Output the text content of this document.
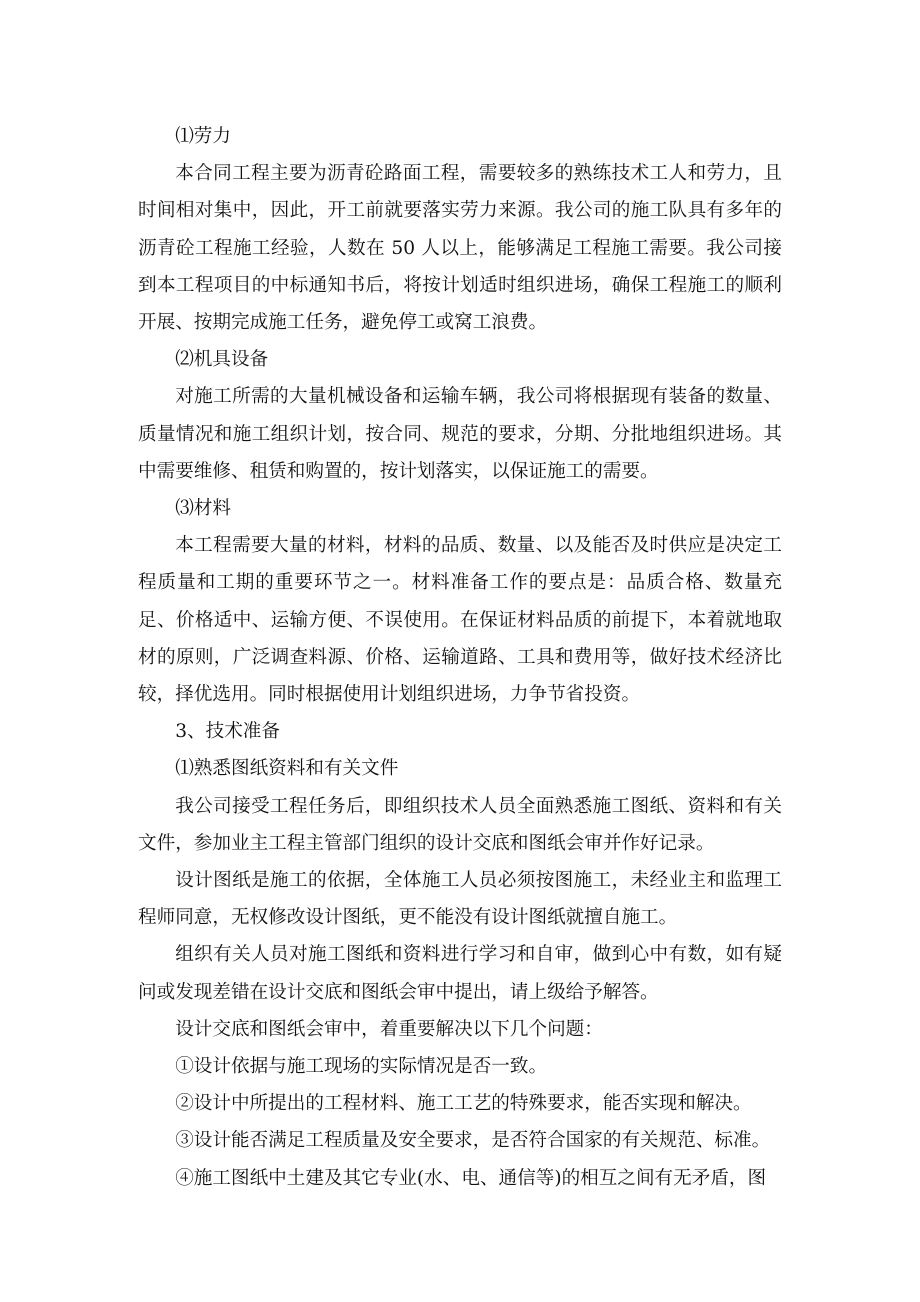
⑴劳力

本合同工程主要为沥青砼路面工程，需要较多的熟练技术工人和劳力，且时间相对集中，因此，开工前就要落实劳力来源。我公司的施工队具有多年的沥青砼工程施工经验，人数在 50 人以上，能够满足工程施工需要。我公司接到本工程项目的中标通知书后，将按计划适时组织进场，确保工程施工的顺利开展、按期完成施工任务，避免停工或窝工浪费。

⑵机具设备

对施工所需的大量机械设备和运输车辆，我公司将根据现有装备的数量、质量情况和施工组织计划，按合同、规范的要求，分期、分批地组织进场。其中需要维修、租赁和购置的，按计划落实，以保证施工的需要。

⑶材料

本工程需要大量的材料，材料的品质、数量、以及能否及时供应是决定工程质量和工期的重要环节之一。材料准备工作的要点是：品质合格、数量充足、价格适中、运输方便、不误使用。在保证材料品质的前提下，本着就地取材的原则，广泛调查料源、价格、运输道路、工具和费用等，做好技术经济比较，择优选用。同时根据使用计划组织进场，力争节省投资。

3、技术准备

⑴熟悉图纸资料和有关文件

我公司接受工程任务后，即组织技术人员全面熟悉施工图纸、资料和有关文件，参加业主工程主管部门组织的设计交底和图纸会审并作好记录。

设计图纸是施工的依据，全体施工人员必须按图施工，未经业主和监理工程师同意，无权修改设计图纸，更不能没有设计图纸就擅自施工。

组织有关人员对施工图纸和资料进行学习和自审，做到心中有数，如有疑问或发现差错在设计交底和图纸会审中提出，请上级给予解答。

设计交底和图纸会审中，着重要解决以下几个问题：

①设计依据与施工现场的实际情况是否一致。

②设计中所提出的工程材料、施工工艺的特殊要求，能否实现和解决。

③设计能否满足工程质量及安全要求，是否符合国家的有关规范、标准。

④施工图纸中土建及其它专业(水、电、通信等)的相互之间有无矛盾，图
